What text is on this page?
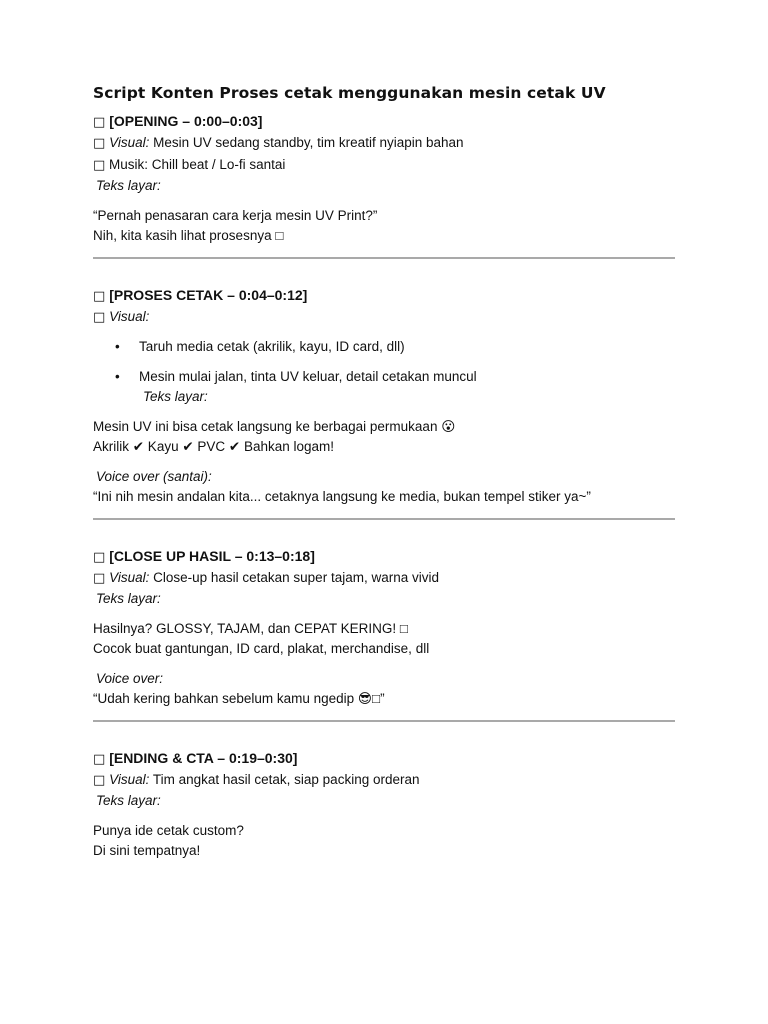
Script Konten Proses cetak menggunakan mesin cetak UV

□ [OPENING – 0:00–0:03]

□ Visual: Mesin UV sedang standby, tim kreatif nyiapin bahan

□ Musik: Chill beat / Lo-fi santai

Teks layar:

“Pernah penasaran cara kerja mesin UV Print?”

Nih, kita kasih lihat prosesnya □

□ [PROSES CETAK – 0:04–0:12]

□ Visual:

• Taruh media cetak (akrilik, kayu, ID card, dll)
• Mesin mulai jalan, tinta UV keluar, detail cetakan muncul

Teks layar:

Mesin UV ini bisa cetak langsung ke berbagai permukaan 😮

Akrilik ✔ Kayu ✔ PVC ✔ Bahkan logam!

Voice over (santai):

“Ini nih mesin andalan kita... cetaknya langsung ke media, bukan tempel stiker ya~”

□ [CLOSE UP HASIL – 0:13–0:18]

□ Visual: Close-up hasil cetakan super tajam, warna vivid

Teks layar:

Hasilnya? GLOSSY, TAJAM, dan CEPAT KERING! □

Cocok buat gantungan, ID card, plakat, merchandise, dll

Voice over:

“Udah kering bahkan sebelum kamu ngedip 😎□”

□ [ENDING & CTA – 0:19–0:30]

□ Visual: Tim angkat hasil cetak, siap packing orderan

Teks layar:

Punya ide cetak custom?

Di sini tempatnya!
